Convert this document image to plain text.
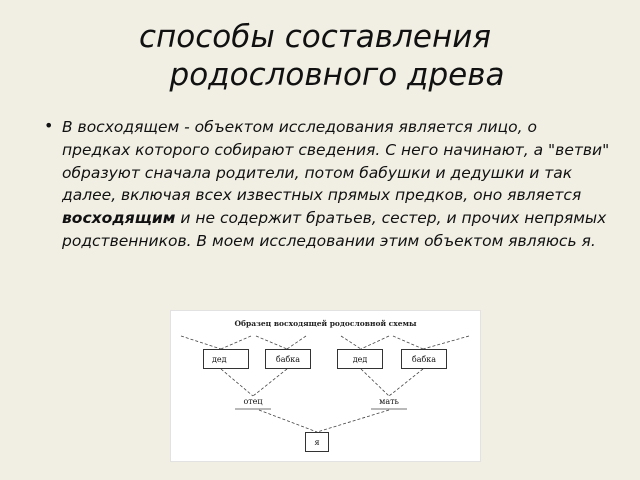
способы составления
родословного древа
• В восходящем - объектом исследования является лицо, о предках которого собирают сведения. С него начинают, а "ветви" образуют сначала родители, потом бабушки и дедушки и так далее, включая всех известных прямых предков, оно является восходящим и не содержит братьев, сестер, и прочих непрямых родственников. В моем исследовании этим объектом являюсь я.
Образец восходящей родословной схемы
дед	бабка	дед	бабка
отец	мать
я
